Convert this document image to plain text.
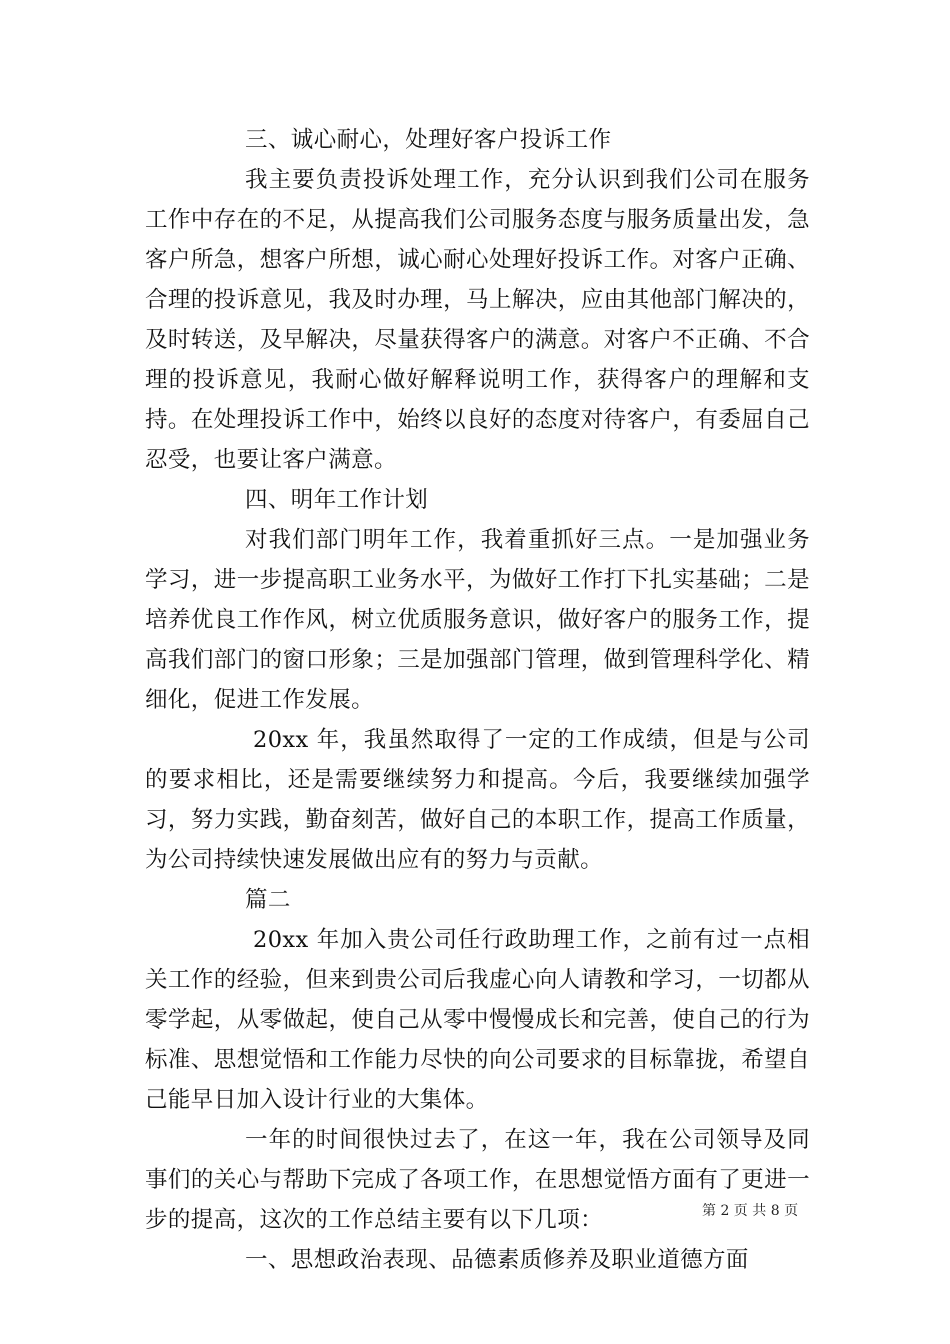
三、诚心耐心，处理好客户投诉工作

我主要负责投诉处理工作，充分认识到我们公司在服务工作中存在的不足，从提高我们公司服务态度与服务质量出发，急客户所急，想客户所想，诚心耐心处理好投诉工作。对客户正确、合理的投诉意见，我及时办理，马上解决，应由其他部门解决的，及时转送，及早解决，尽量获得客户的满意。对客户不正确、不合理的投诉意见，我耐心做好解释说明工作，获得客户的理解和支持。在处理投诉工作中，始终以良好的态度对待客户，有委屈自己忍受，也要让客户满意。

四、明年工作计划

对我们部门明年工作，我着重抓好三点。一是加强业务学习，进一步提高职工业务水平，为做好工作打下扎实基础；二是培养优良工作作风，树立优质服务意识，做好客户的服务工作，提高我们部门的窗口形象；三是加强部门管理，做到管理科学化、精细化，促进工作发展。

20xx 年，我虽然取得了一定的工作成绩，但是与公司的要求相比，还是需要继续努力和提高。今后，我要继续加强学习，努力实践，勤奋刻苦，做好自己的本职工作，提高工作质量，为公司持续快速发展做出应有的努力与贡献。

篇二

20xx 年加入贵公司任行政助理工作，之前有过一点相关工作的经验，但来到贵公司后我虚心向人请教和学习，一切都从零学起，从零做起，使自己从零中慢慢成长和完善，使自己的行为标准、思想觉悟和工作能力尽快的向公司要求的目标靠拢，希望自己能早日加入设计行业的大集体。

一年的时间很快过去了，在这一年，我在公司领导及同事们的关心与帮助下完成了各项工作，在思想觉悟方面有了更进一步的提高，这次的工作总结主要有以下几项：

一、思想政治表现、品德素质修养及职业道德方面

第 2 页 共 8 页
